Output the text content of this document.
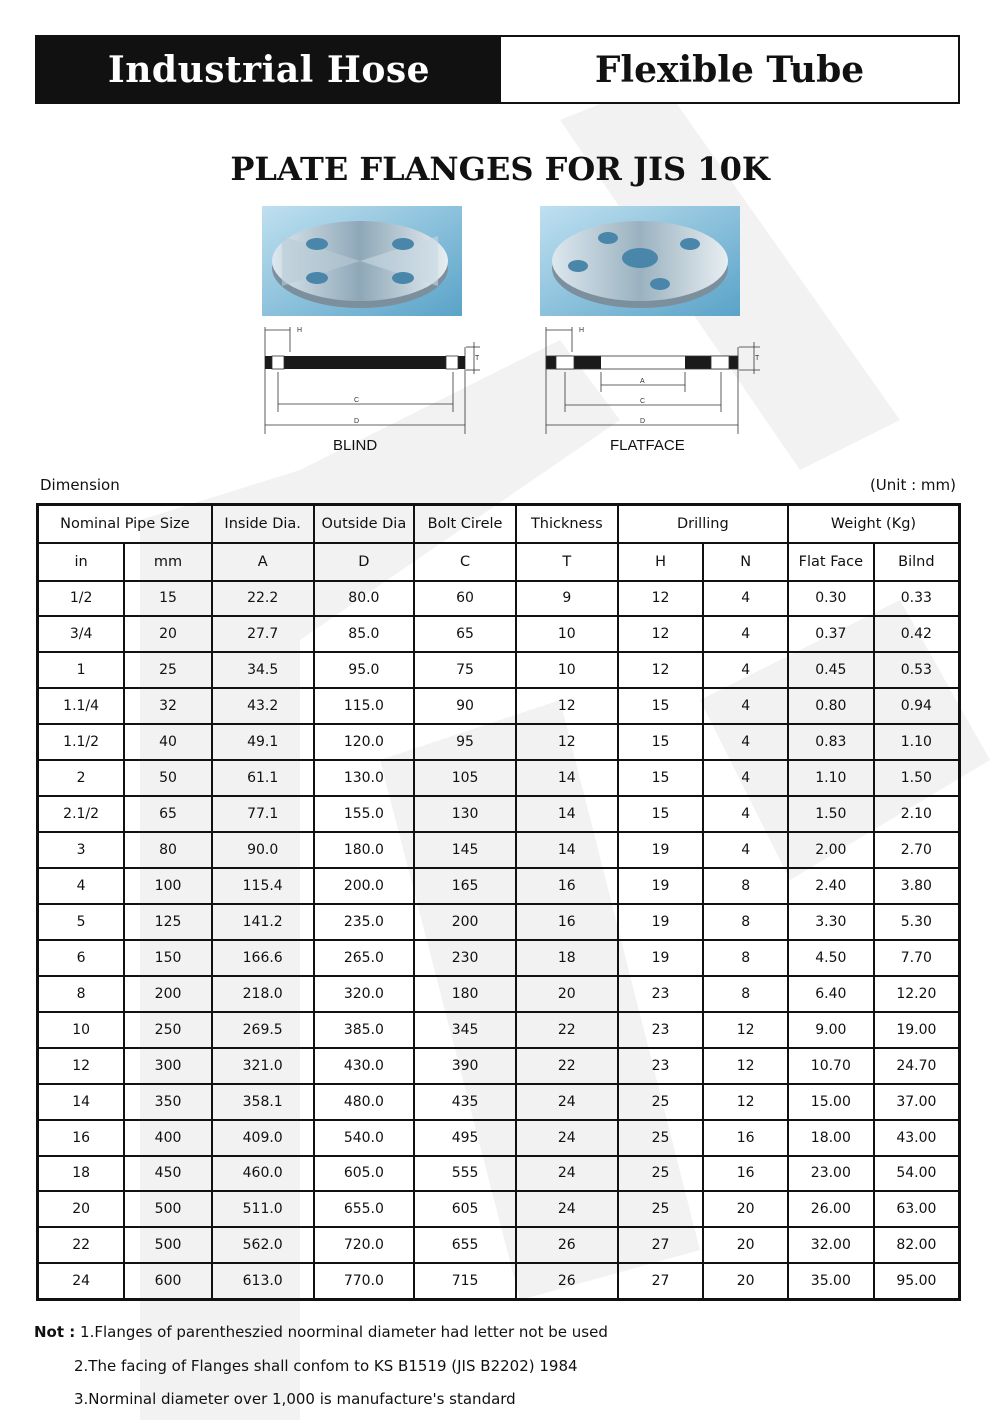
Industrial Hose	Flexible Tube
PLATE FLANGES FOR JIS 10K
H
C
D
T
H
A
C
D
T
BLIND	FLATFACE
Dimension	(Unit : mm)
Nominal Pipe Size		Inside Dia.	Outside Dia	Bolt Cirele	Thickness	Drilling		Weight (Kg)	
in	mm	A	D	C	T	H	N	Flat Face	Bilnd
1/2	15	22.2	80.0	60	9	12	4	0.30	0.33
3/4	20	27.7	85.0	65	10	12	4	0.37	0.42
1	25	34.5	95.0	75	10	12	4	0.45	0.53
1.1/4	32	43.2	115.0	90	12	15	4	0.80	0.94
1.1/2	40	49.1	120.0	95	12	15	4	0.83	1.10
2	50	61.1	130.0	105	14	15	4	1.10	1.50
2.1/2	65	77.1	155.0	130	14	15	4	1.50	2.10
3	80	90.0	180.0	145	14	19	4	2.00	2.70
4	100	115.4	200.0	165	16	19	8	2.40	3.80
5	125	141.2	235.0	200	16	19	8	3.30	5.30
6	150	166.6	265.0	230	18	19	8	4.50	7.70
8	200	218.0	320.0	180	20	23	8	6.40	12.20
10	250	269.5	385.0	345	22	23	12	9.00	19.00
12	300	321.0	430.0	390	22	23	12	10.70	24.70
14	350	358.1	480.0	435	24	25	12	15.00	37.00
16	400	409.0	540.0	495	24	25	16	18.00	43.00
18	450	460.0	605.0	555	24	25	16	23.00	54.00
20	500	511.0	655.0	605	24	25	20	26.00	63.00
22	500	562.0	720.0	655	26	27	20	32.00	82.00
24	600	613.0	770.0	715	26	27	20	35.00	95.00
Not : 1.Flanges of parentheszied noorminal diameter had letter not be used
2.The facing of Flanges shall confom to KS B1519 (JIS B2202) 1984
3.Norminal diameter over 1,000 is manufacture's standard
